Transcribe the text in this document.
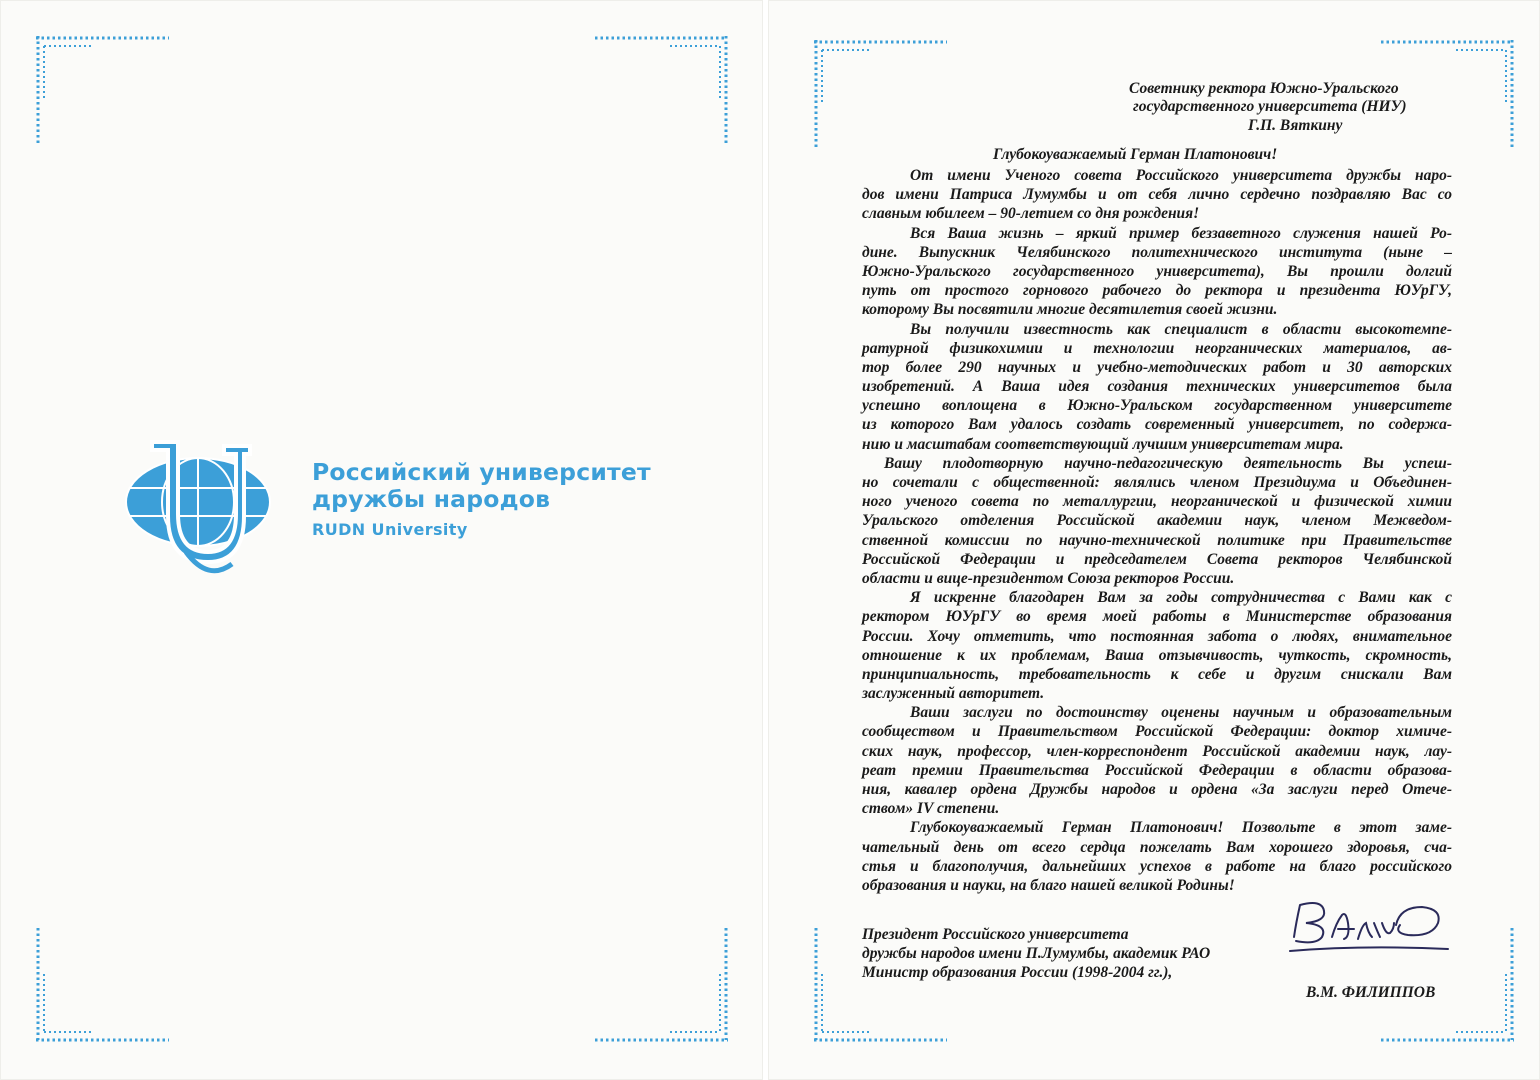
Российский университет
дружбы народов
RUDN University
Советнику ректора Южно-Уральского
государственного университета (НИУ)
Г.П. Вяткину
Глубокоуважаемый Герман Платонович!
От имени Ученого совета Российского университета дружбы наро-
дов имени Патриса Лумумбы и от себя лично сердечно поздравляю Вас со
славным юбилеем – 90-летием со дня рождения!
Вся Ваша жизнь – яркий пример беззаветного служения нашей Ро-
дине. Выпускник Челябинского политехнического института (ныне –
Южно-Уральского государственного университета), Вы прошли долгий
путь от простого горнового рабочего до ректора и президента ЮУрГУ,
которому Вы посвятили многие десятилетия своей жизни.
Вы получили известность как специалист в области высокотемпе-
ратурной физикохимии и технологии неорганических материалов, ав-
тор более 290 научных и учебно-методических работ и 30 авторских
изобретений. А Ваша идея создания технических университетов была
успешно воплощена в Южно-Уральском государственном университете
из которого Вам удалось создать современный университет, по содержа-
нию и масштабам соответствующий лучшим университетам мира.
Вашу плодотворную научно-педагогическую деятельность Вы успеш-
но сочетали с общественной: являлись членом Президиума и Объединен-
ного ученого совета по металлургии, неорганической и физической химии
Уральского отделения Российской академии наук, членом Межведом-
ственной комиссии по научно-технической политике при Правительстве
Российской Федерации и председателем Совета ректоров Челябинской
области и вице-президентом Союза ректоров России.
Я искренне благодарен Вам за годы сотрудничества с Вами как с
ректором ЮУрГУ во время моей работы в Министерстве образования
России. Хочу отметить, что постоянная забота о людях, внимательное
отношение к их проблемам, Ваша отзывчивость, чуткость, скромность,
принципиальность, требовательность к себе и другим снискали Вам
заслуженный авторитет.
Ваши заслуги по достоинству оценены научным и образовательным
сообществом и Правительством Российской Федерации: доктор химиче-
ских наук, профессор, член-корреспондент Российской академии наук, лау-
реат премии Правительства Российской Федерации в области образова-
ния, кавалер ордена Дружбы народов и ордена «За заслуги перед Отече-
ством» IV степени.
Глубокоуважаемый Герман Платонович! Позвольте в этот заме-
чательный день от всего сердца пожелать Вам хорошего здоровья, сча-
стья и благополучия, дальнейших успехов в работе на благо российского
образования и науки, на благо нашей великой Родины!
Президент Российского университета
дружбы народов имени П.Лумумбы, академик РАО
Министр образования России (1998-2004 гг.),
В.М. ФИЛИППОВ
